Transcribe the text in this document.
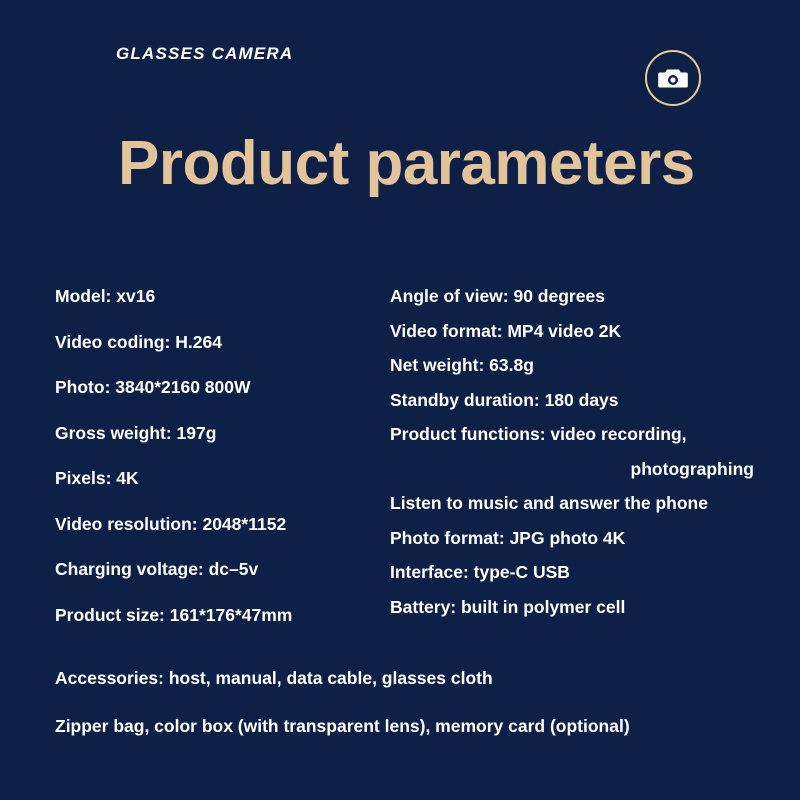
GLASSES CAMERA
Product parameters
Model: xv16
Video coding: H.264
Photo: 3840*2160 800W
Gross weight: 197g
Pixels: 4K
Video resolution: 2048*1152
Charging voltage: dc–5v
Product size: 161*176*47mm
Angle of view: 90 degrees
Video format: MP4 video 2K
Net weight: 63.8g
Standby duration: 180 days
Product functions: video recording,
photographing
Listen to music and answer the phone
Photo format: JPG photo 4K
Interface: type-C USB
Battery: built in polymer cell
Accessories: host, manual, data cable, glasses cloth
Zipper bag, color box (with transparent lens), memory card (optional)
